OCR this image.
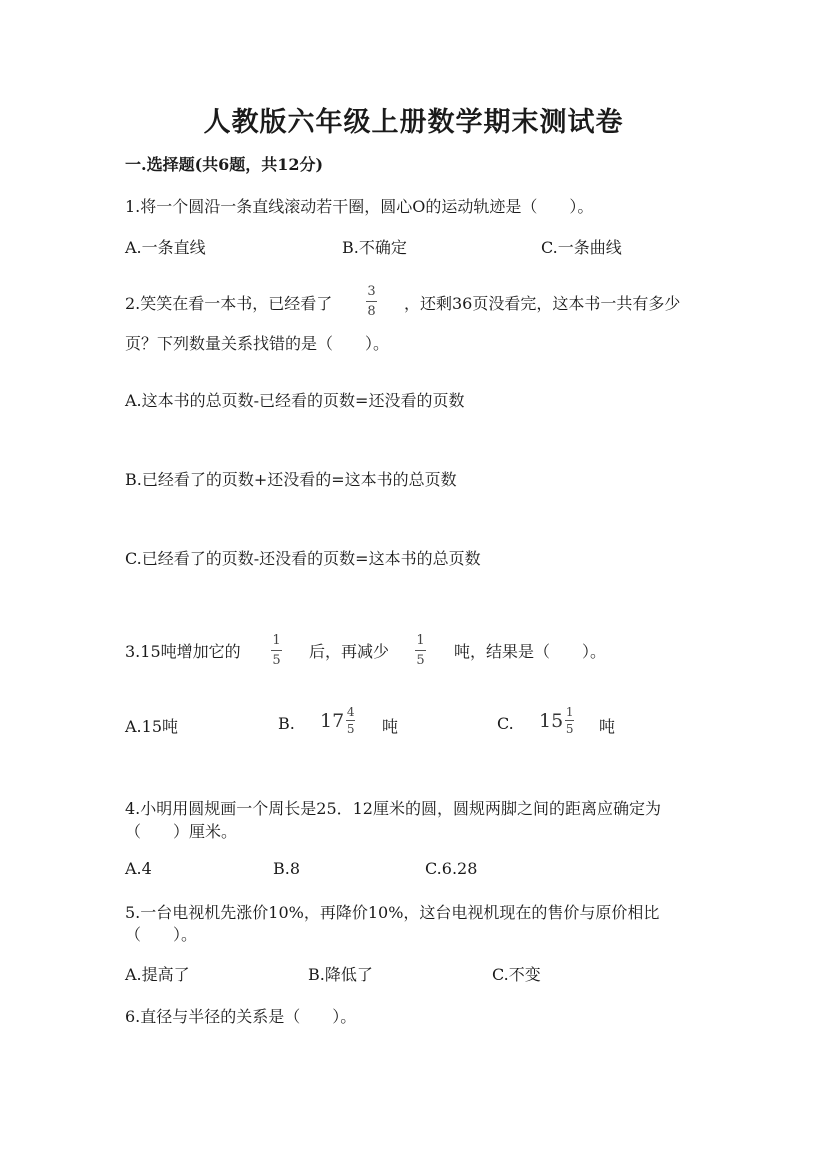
人教版六年级上册数学期末测试卷
一.选择题(共6题，共12分)
1.将一个圆沿一条直线滚动若干圈，圆心O的运动轨迹是（　　）。
A.一条直线	B.不确定	C.一条曲线
2.笑笑在看一本书，已经看了
3
8 ，还剩36页没看完，这本书一共有多少
页？下列数量关系找错的是（　　）。
A.这本书的总页数-已经看的页数=还没看的页数
B.已经看了的页数+还没看的=这本书的总页数
C.已经看了的页数-还没看的页数=这本书的总页数
3.15吨增加它的
1
5 后，再减少
1
5 吨，结果是（　　）。
A.15吨	B. $17 \frac{4}{5}$ 吨	C. $15 \frac{1}{5}$ 吨
4.小明用圆规画一个周长是25．12厘米的圆，圆规两脚之间的距离应确定为
（　　）厘米。
A.4	B.8	C.6.28
5.一台电视机先涨价10%，再降价10%，这台电视机现在的售价与原价相比
（　　）。
A.提高了	B.降低了	C.不变
6.直径与半径的关系是（　　）。
